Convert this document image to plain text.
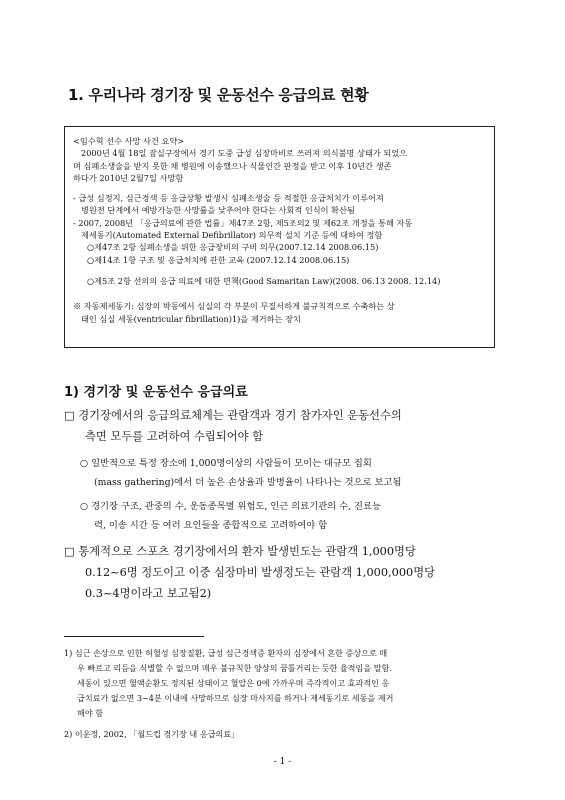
1. 우리나라 경기장 및 운동선수 응급의료 현황

<임수혁 선수 사망 사건 요약>

2000년 4월 18일 잠실구장에서 경기 도중 급성 심장마비로 쓰러져 의식불명 상태가 되었으

며 심폐소생술을 받지 못한 채 병원에 이송했으나 식물인간 판정을 받고 이후 10년간 생존

하다가 2010년 2월7일 사망함

- 급성 심정지, 심근경색 등 응급상황 발생시 심폐소생술 등 적절한 응급처치가 이루어져

병원전 단계에서 예방가능한 사망률을 낮추어야 한다는 사회적 인식이 확산됨

- 2007, 2008년 「응급의료에 관한 법률」제47조 2항, 제5조의2 및 제62조 개정을 통해 자동

제세동기(Automated External Defibrillator) 의무적 설치 기준 등에 대하여 정함

○제47조 2항 심폐소생을 위한 응급장비의 구비 의무(2007.12.14 2008.06.15)

○제14조 1항 구조 및 응급처치에 관한 교육 (2007.12.14 2008.06.15)

○제5조 2항 선의의 응급 의료에 대한 면책(Good Samaritan Law)(2008. 06.13 2008. 12.14)

※ 자동제세동기: 심장의 박동에서 심실의 각 부분이 무질서하게 불규칙적으로 수축하는 상

태인 심실 세동(ventricular fibrillation)1)을 제거하는 장치

1) 경기장 및 운동선수 응급의료
□ 경기장에서의 응급의료체계는 관람객과 경기 참가자인 운동선수의
측면 모두를 고려하여 수립되어야 함
○ 일반적으로 특정 장소에 1,000명이상의 사람들이 모이는 대규모 집회
(mass gathering)에서 더 높은 손상율과 발병율이 나타나는 것으로 보고됨
○ 경기장 구조, 관중의 수, 운동종목별 위험도, 인근 의료기관의 수, 진료능
력, 이송 시간 등 여러 요인들을 종합적으로 고려하여야 함
□ 통계적으로 스포츠 경기장에서의 환자 발생빈도는 관람객 1,000명당
0.12~6명 정도이고 이중 심장마비 발생정도는 관람객 1,000,000명당
0.3~4명이라고 보고됨2)

1) 심근 손상으로 인한 허혈성 심장질환, 급성 심근경색증 환자의 심장에서 흔한 증상으로 매

우 빠르고 리듬을 식별할 수 없으며 매우 불규칙한 양상의 꿈틀거리는 듯한 율적임을 말함.

세동이 있으면 혈액순환도 정지된 상태이고 혈압은 0에 가까우며 즉각적이고 효과적인 응

급치료가 없으면 3~4분 이내에 사망하므로 심장 마사지를 하거나 제세동기로 세동을 제거

해야 함

2) 이운정, 2002, 「월드컵 경기장 내 응급의료」

- 1 -
